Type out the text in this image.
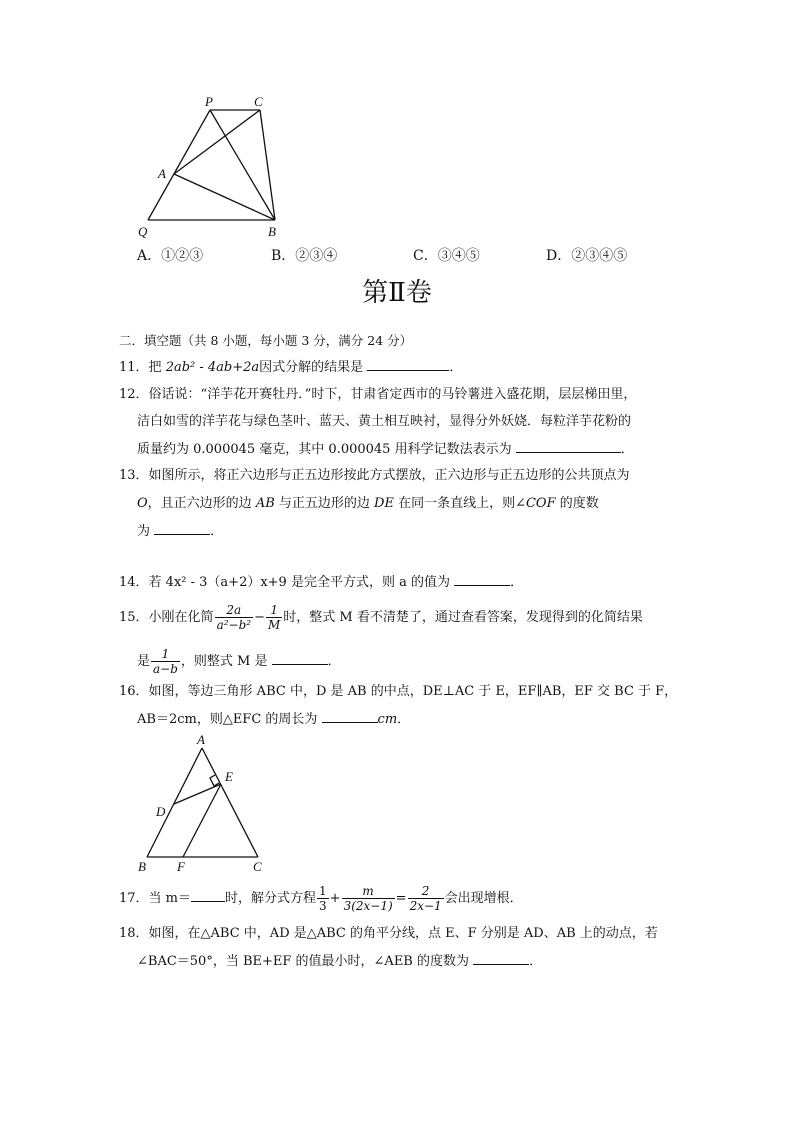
P	C
A
Q	B
A．①②③	B．②③④	C．③④⑤	D．②③④⑤
第Ⅱ卷
二．填空题（共 8 小题，每小题 3 分，满分 24 分）
11．把 2ab² - 4ab+2a因式分解的结果是	．
12．俗话说：“洋芋花开赛牡丹．”时下，甘肃省定西市的马铃薯进入盛花期，层层梯田里，
洁白如雪的洋芋花与绿色茎叶、蓝天、黄土相互映衬，显得分外妖娆．每粒洋芋花粉的
质量约为 0.000045 毫克，其中 0.000045 用科学记数法表示为	．
13．如图所示，将正六边形与正五边形按此方式摆放，正六边形与正五边形的公共顶点为
O，且正六边形的边 AB 与正五边形的边 DE 在同一条直线上，则∠COF 的度数
为	．
14．若 4x² - 3（a+2）x+9 是完全平方式，则 a 的值为	．
15．小刚在化简 $\frac{2a}{\text{a²−b²}} - \frac{1}{M}$ 时，整式 M 看不清楚了，通过查看答案，发现得到的化简结果
是 $\frac{1}{a-b}$ ，则整式 M 是	．
16．如图，等边三角形 ABC 中，D 是 AB 的中点，DE⊥AC 于 E，EF∥AB，EF 交 BC 于 F，
AB＝2cm，则△EFC 的周长为	cm．
A
E
D
B F	C
17．当 m＝	时，解分式方程 $\frac{1}{3} + \frac{m}{3(2x-1)} = \frac{2}{2x-1}$ 会出现增根．
18．如图，在△ABC 中，AD 是△ABC 的角平分线，点 E、F 分别是 AD、AB 上的动点，若
∠BAC＝50°，当 BE+EF 的值最小时，∠AEB 的度数为	．
